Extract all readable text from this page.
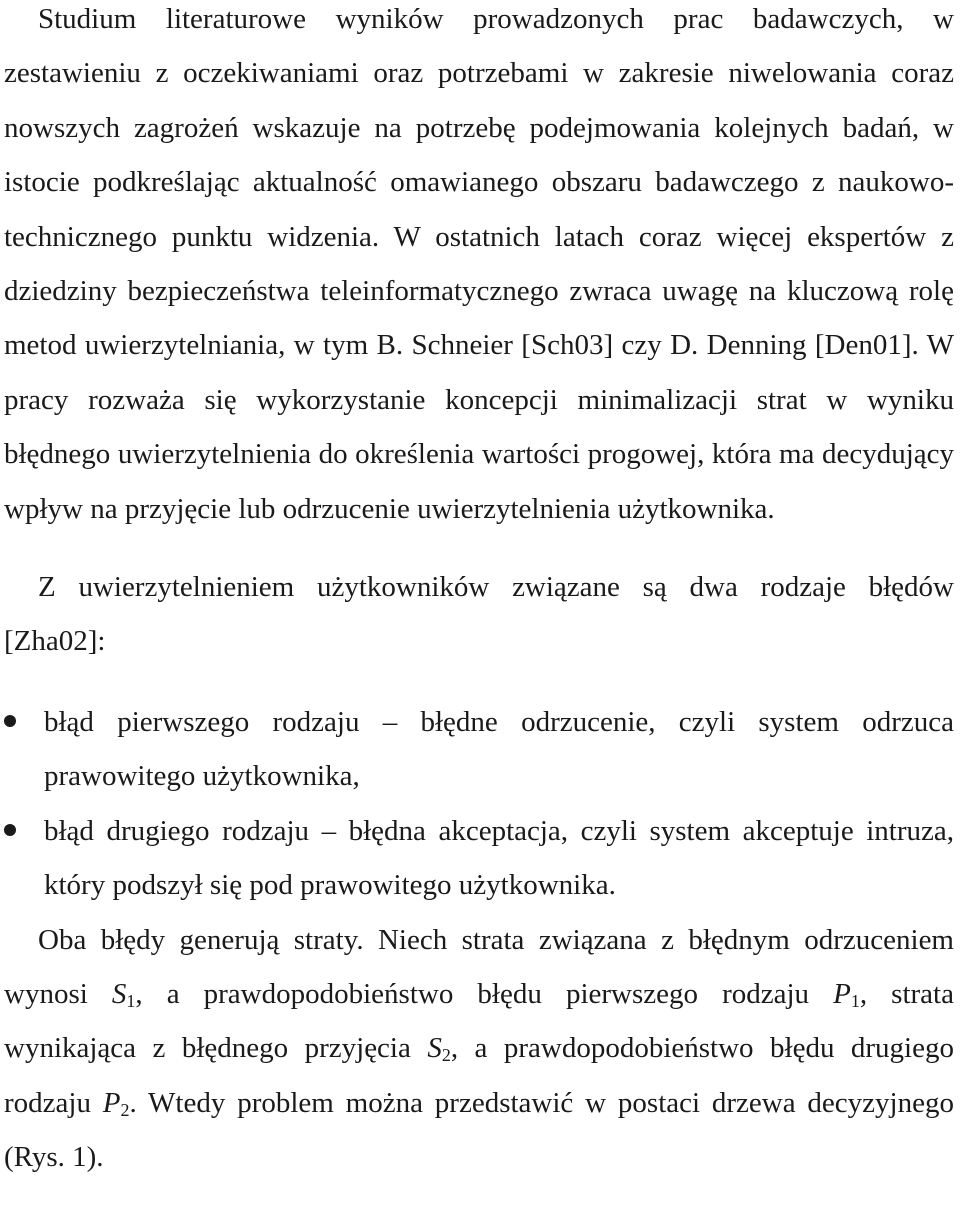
Studium literaturowe wyników prowadzonych prac badawczych, w zestawieniu z oczekiwaniami oraz potrzebami w zakresie niwelowania coraz nowszych zagrożeń wskazuje na potrzebę podejmowania kolejnych badań, w istocie podkreślając aktualność omawianego obszaru badawczego z naukowo-technicznego punktu widzenia. W ostatnich latach coraz więcej ekspertów z dziedziny bezpieczeństwa teleinformatycznego zwraca uwagę na kluczową rolę metod uwierzytelniania, w tym B. Schneier [Sch03] czy D. Denning [Den01]. W pracy rozważa się wykorzystanie koncepcji minimalizacji strat w wyniku błędnego uwierzytelnienia do określenia wartości progowej, która ma decydujący wpływ na przyjęcie lub odrzucenie uwierzytelnienia użytkownika.

Z uwierzytelnieniem użytkowników związane są dwa rodzaje błędów [Zha02]:

błąd pierwszego rodzaju – błędne odrzucenie, czyli system odrzuca prawowitego użytkownika,
błąd drugiego rodzaju – błędna akceptacja, czyli system akceptuje intruza, który podszył się pod prawowitego użytkownika.

Oba błędy generują straty. Niech strata związana z błędnym odrzuceniem wynosi $S_1$, a prawdopodobieństwo błędu pierwszego rodzaju $P_1$, strata wynikająca z błędnego przyjęcia $S_2$, a prawdopodobieństwo błędu drugiego rodzaju $P_2$. Wtedy problem można przedstawić w postaci drzewa decyzyjnego (Rys. 1).
